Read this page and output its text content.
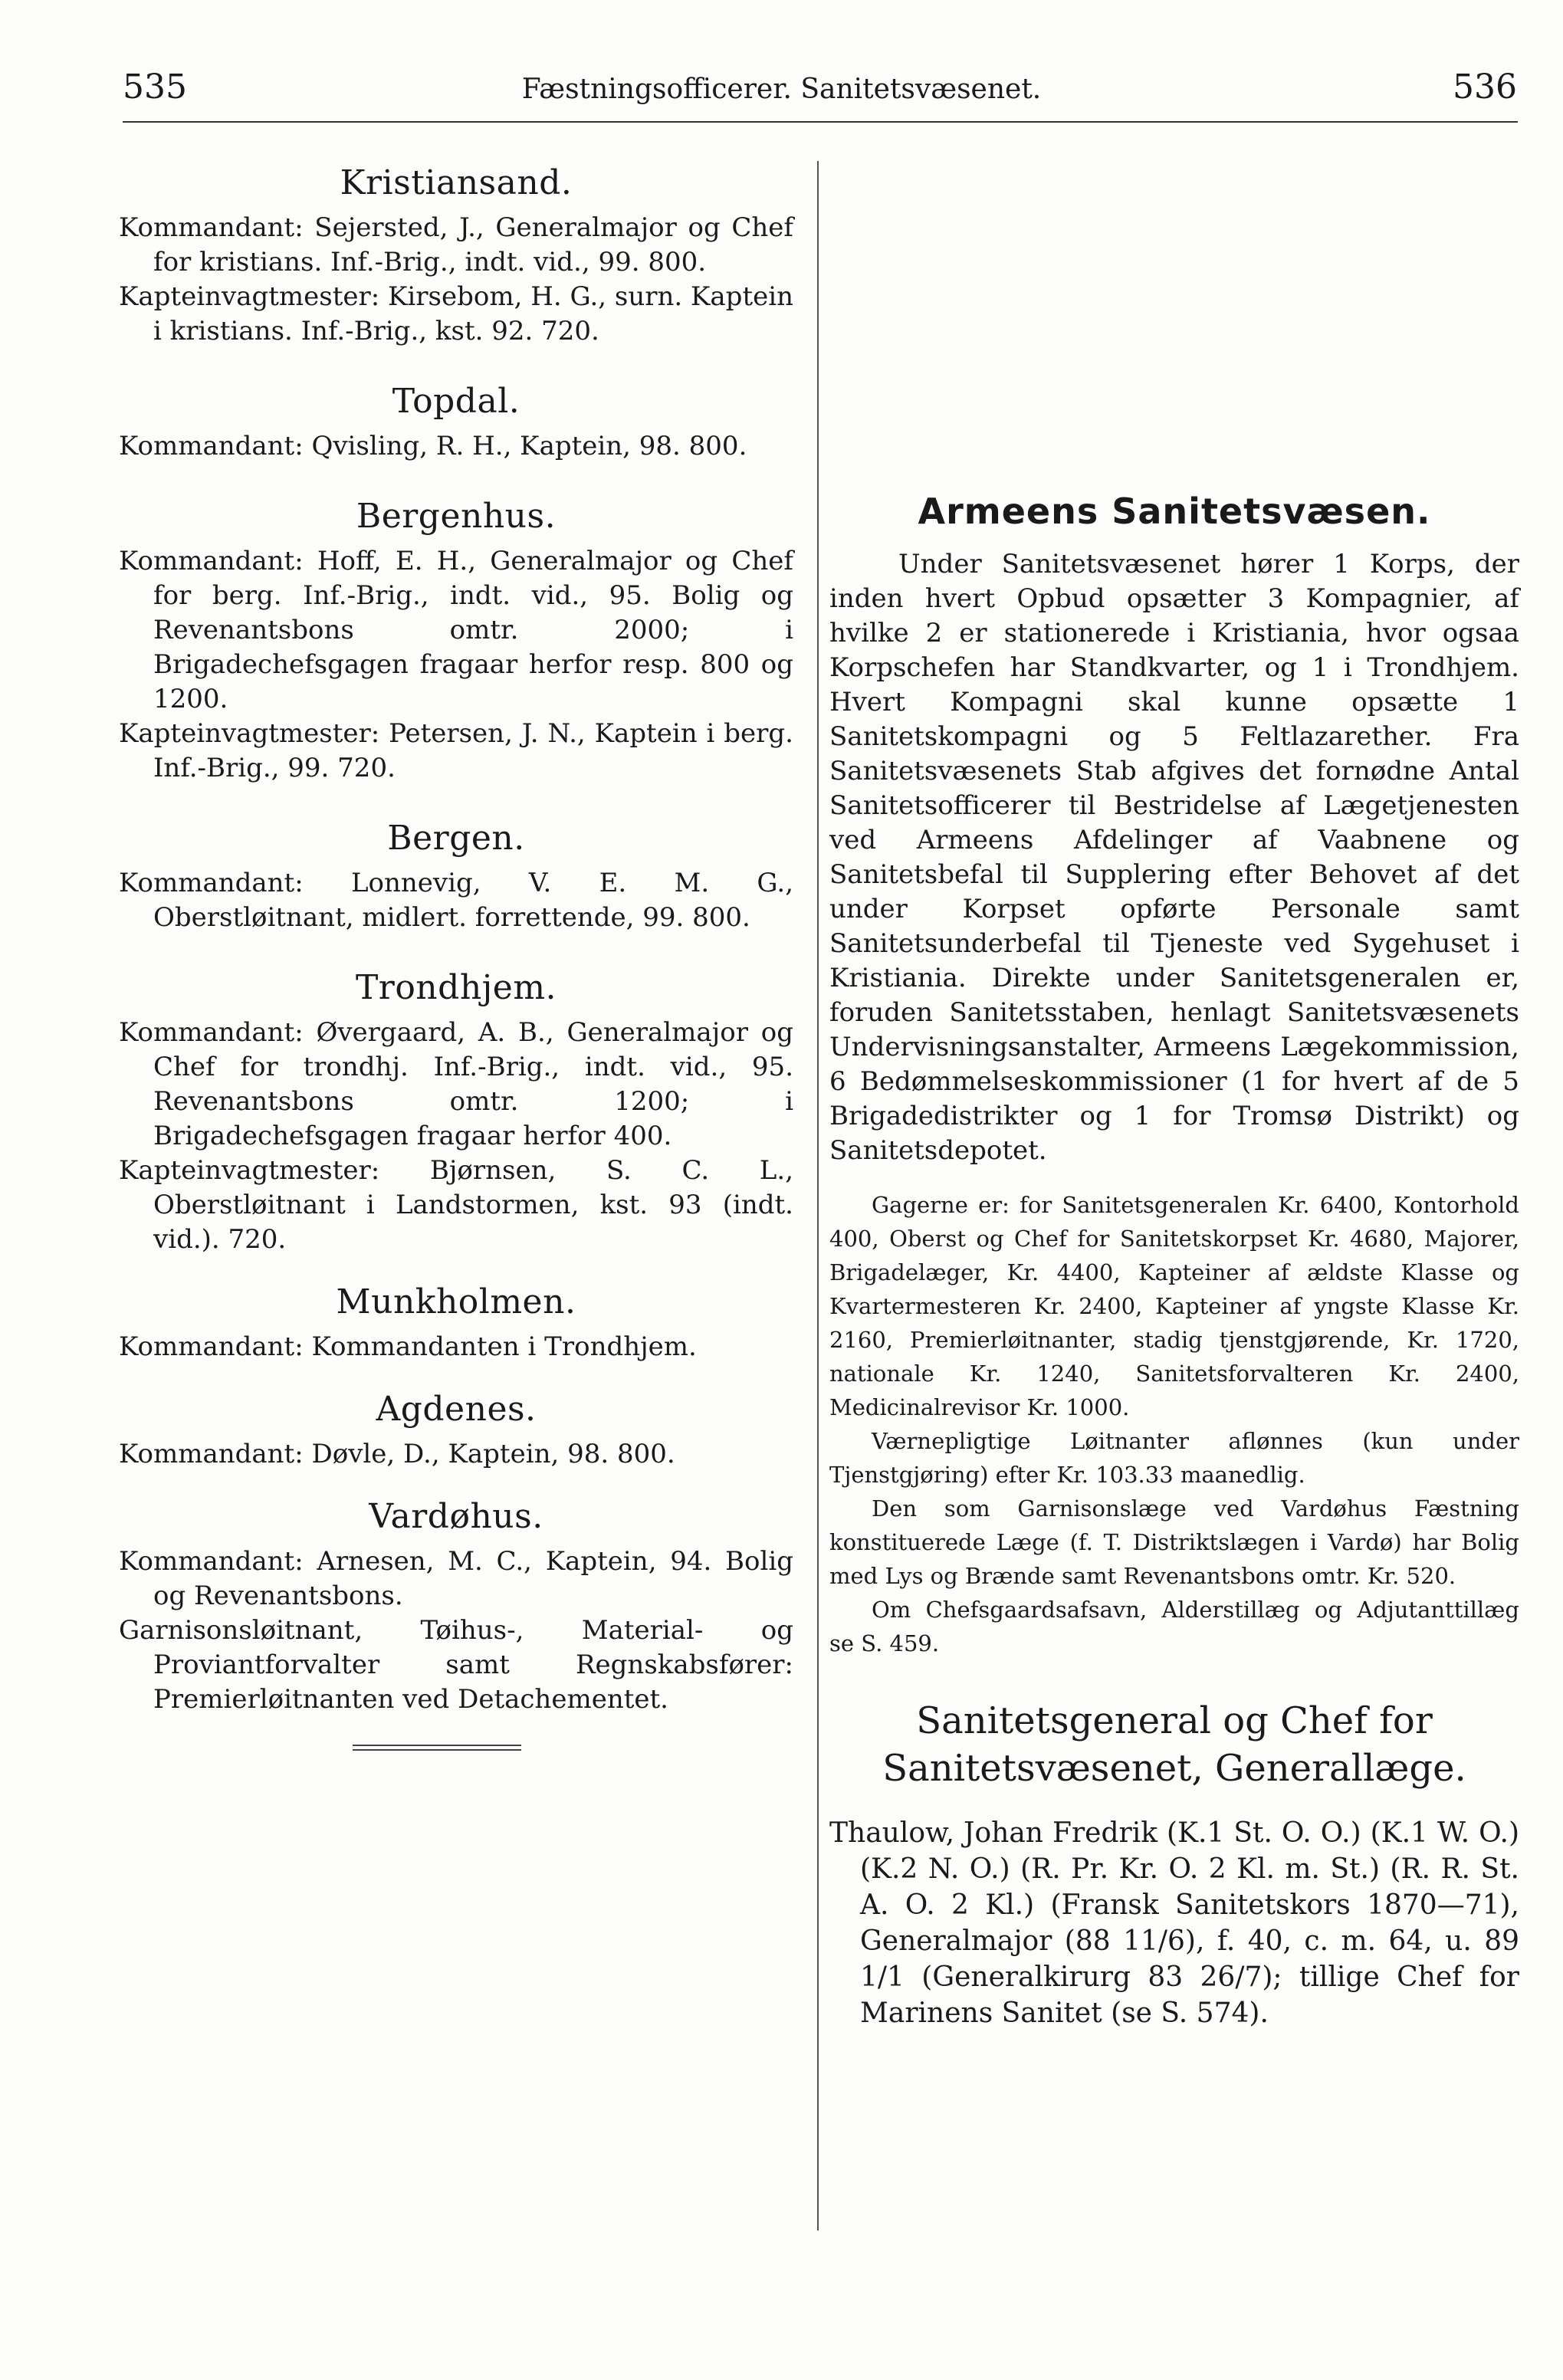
535	Fæstningsofficerer. Sanitetsvæsenet.	536
Kristiansand.

Kommandant: Sejersted, J., Generalmajor og Chef for kristians. Inf.-Brig., indt. vid., 99. 800.

Kapteinvagtmester: Kirsebom, H. G., surn. Kaptein i kristians. Inf.-Brig., kst. 92. 720.

Topdal.

Kommandant: Qvisling, R. H., Kaptein, 98. 800.

Bergenhus.

Kommandant: Hoff, E. H., Generalmajor og Chef for berg. Inf.-Brig., indt. vid., 95. Bolig og Revenantsbons omtr. 2000; i Brigadechefsgagen fragaar herfor resp. 800 og 1200.

Kapteinvagtmester: Petersen, J. N., Kaptein i berg. Inf.-Brig., 99. 720.

Bergen.

Kommandant: Lonnevig, V. E. M. G., Oberstløitnant, midlert. forrettende, 99. 800.

Trondhjem.

Kommandant: Øvergaard, A. B., Generalmajor og Chef for trondhj. Inf.-Brig., indt. vid., 95. Revenantsbons omtr. 1200; i Brigadechefsgagen fragaar herfor 400.

Kapteinvagtmester: Bjørnsen, S. C. L., Oberstløitnant i Landstormen, kst. 93 (indt. vid.). 720.

Munkholmen.

Kommandant: Kommandanten i Trondhjem.

Agdenes.

Kommandant: Døvle, D., Kaptein, 98. 800.

Vardøhus.

Kommandant: Arnesen, M. C., Kaptein, 94. Bolig og Revenantsbons.

Garnisonsløitnant, Tøihus-, Material- og Proviantforvalter samt Regnskabsfører: Premierløitnanten ved Detachementet.

Armeens Sanitetsvæsen.

Under Sanitetsvæsenet hører 1 Korps, der inden hvert Opbud opsætter 3 Kompagnier, af hvilke 2 er stationerede i Kristiania, hvor ogsaa Korpschefen har Standkvarter, og 1 i Trondhjem. Hvert Kompagni skal kunne opsætte 1 Sanitetskompagni og 5 Feltlazarether. Fra Sanitetsvæsenets Stab afgives det fornødne Antal Sanitetsofficerer til Bestridelse af Lægetjenesten ved Armeens Afdelinger af Vaabnene og Sanitetsbefal til Supplering efter Behovet af det under Korpset opførte Personale samt Sanitetsunderbefal til Tjeneste ved Sygehuset i Kristiania. Direkte under Sanitetsgeneralen er, foruden Sanitetsstaben, henlagt Sanitetsvæsenets Undervisningsanstalter, Armeens Lægekommission, 6 Bedømmelseskommissioner (1 for hvert af de 5 Brigadedistrikter og 1 for Tromsø Distrikt) og Sanitetsdepotet.

Gagerne er: for Sanitetsgeneralen Kr. 6400, Kontorhold 400, Oberst og Chef for Sanitetskorpset Kr. 4680, Majorer, Brigadelæger, Kr. 4400, Kapteiner af ældste Klasse og Kvartermesteren Kr. 2400, Kapteiner af yngste Klasse Kr. 2160, Premierløitnanter, stadig tjenstgjørende, Kr. 1720, nationale Kr. 1240, Sanitetsforvalteren Kr. 2400, Medicinalrevisor Kr. 1000.

Værnepligtige Løitnanter aflønnes (kun under Tjenstgjøring) efter Kr. 103.33 maanedlig.

Den som Garnisonslæge ved Vardøhus Fæstning konstituerede Læge (f. T. Distriktslægen i Vardø) har Bolig med Lys og Brænde samt Revenantsbons omtr. Kr. 520.

Om Chefsgaardsafsavn, Alderstillæg og Adjutanttillæg se S. 459.

Sanitetsgeneral og Chef for Sanitetsvæsenet, Generallæge.

Thaulow, Johan Fredrik (K.1 St. O. O.) (K.1 W. O.) (K.2 N. O.) (R. Pr. Kr. O. 2 Kl. m. St.) (R. R. St. A. O. 2 Kl.) (Fransk Sanitetskors 1870—71), Generalmajor (88 11/6), f. 40, c. m. 64, u. 89 1/1 (Generalkirurg 83 26/7); tillige Chef for Marinens Sanitet (se S. 574).
